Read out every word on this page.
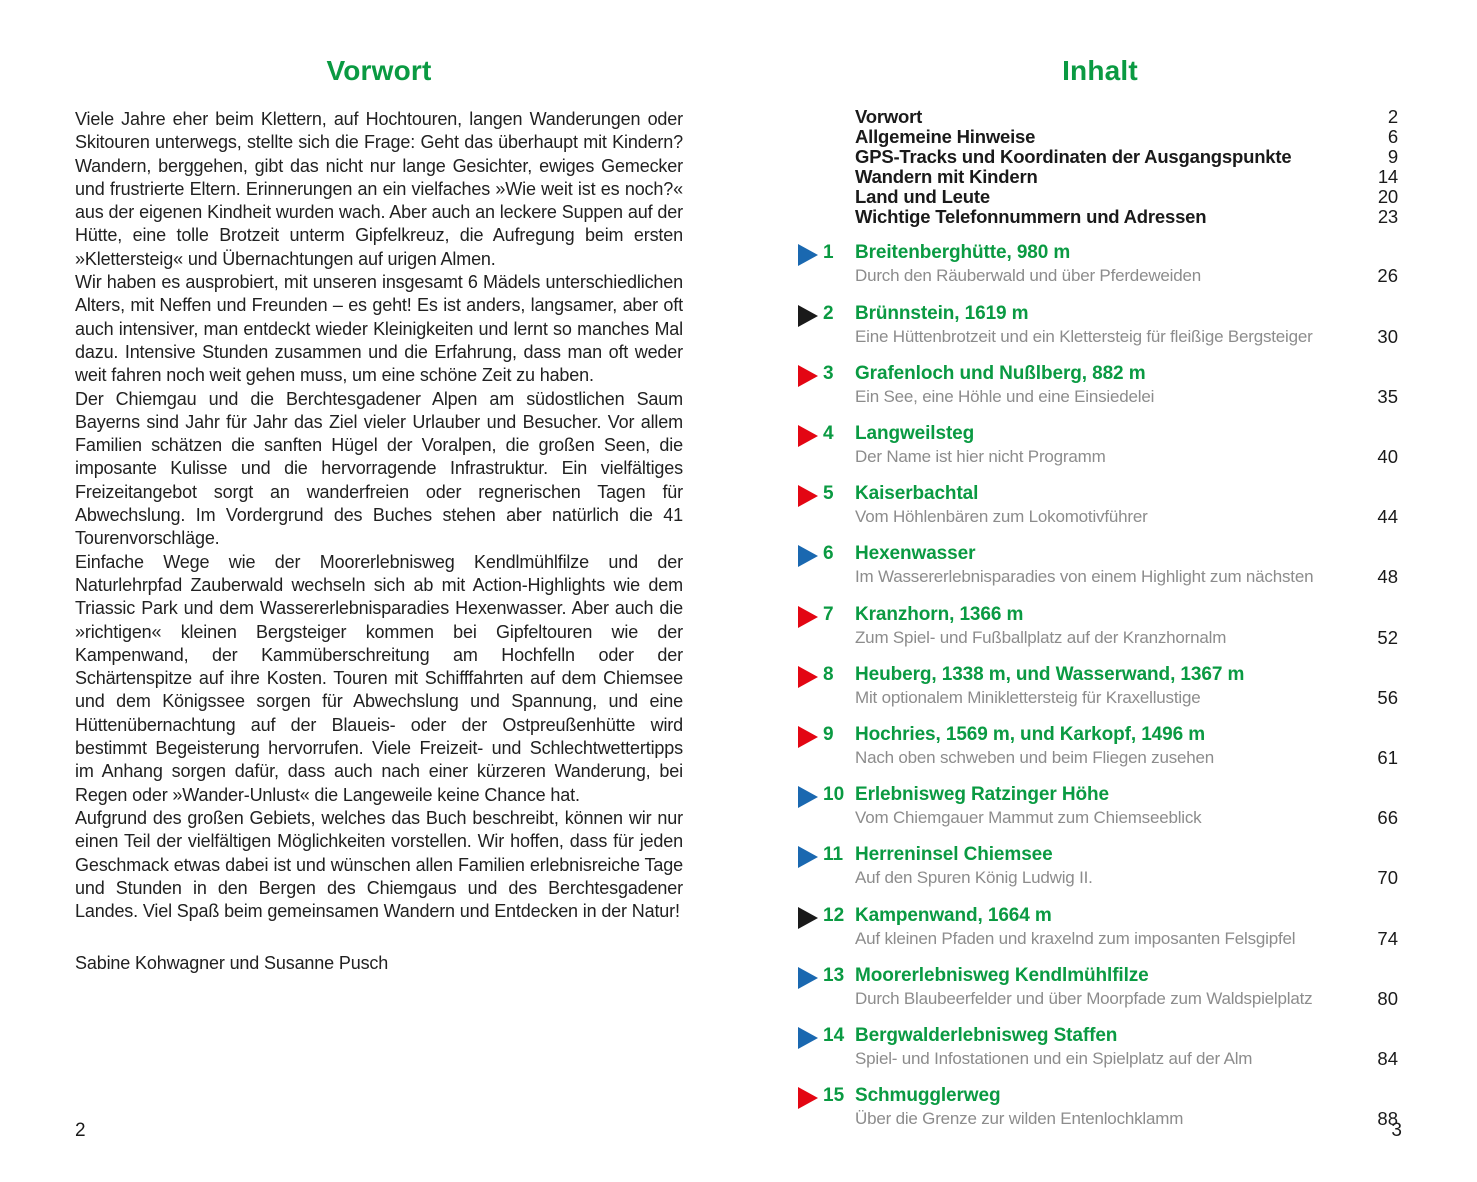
Vorwort

Viele Jahre eher beim Klettern, auf Hochtouren, langen Wanderungen oder Skitouren unterwegs, stellte sich die Frage: Geht das überhaupt mit Kindern? Wandern, berggehen, gibt das nicht nur lange Gesichter, ewiges Gemecker und frustrierte Eltern. Erinnerungen an ein vielfaches »Wie weit ist es noch?« aus der eigenen Kindheit wurden wach. Aber auch an leckere Suppen auf der Hütte, eine tolle Brotzeit unterm Gipfelkreuz, die Aufregung beim ersten »Klettersteig« und Übernachtungen auf urigen Almen.

Wir haben es ausprobiert, mit unseren insgesamt 6 Mädels unterschiedlichen Alters, mit Neffen und Freunden – es geht! Es ist anders, langsamer, aber oft auch intensiver, man entdeckt wieder Kleinigkeiten und lernt so manches Mal dazu. Intensive Stunden zusammen und die Erfahrung, dass man oft weder weit fahren noch weit gehen muss, um eine schöne Zeit zu haben.

Der Chiemgau und die Berchtesgadener Alpen am südostlichen Saum Bayerns sind Jahr für Jahr das Ziel vieler Urlauber und Besucher. Vor allem Familien schätzen die sanften Hügel der Voralpen, die großen Seen, die imposante Kulisse und die hervorragende Infrastruktur. Ein vielfältiges Freizeitangebot sorgt an wanderfreien oder regnerischen Tagen für Abwechslung. Im Vordergrund des Buches stehen aber natürlich die 41 Tourenvorschläge.

Einfache Wege wie der Moorerlebnisweg Kendlmühlfilze und der Naturlehrpfad Zauberwald wechseln sich ab mit Action-Highlights wie dem Triassic Park und dem Wassererlebnisparadies Hexenwasser. Aber auch die »richtigen« kleinen Bergsteiger kommen bei Gipfeltouren wie der Kampenwand, der Kammüberschreitung am Hochfelln oder der Schärtenspitze auf ihre Kosten. Touren mit Schifffahrten auf dem Chiemsee und dem Königssee sorgen für Abwechslung und Spannung, und eine Hüttenübernachtung auf der Blaueis- oder der Ostpreußenhütte wird bestimmt Begeisterung hervorrufen. Viele Freizeit- und Schlechtwettertipps im Anhang sorgen dafür, dass auch nach einer kürzeren Wanderung, bei Regen oder »Wander-Unlust« die Langeweile keine Chance hat.

Aufgrund des großen Gebiets, welches das Buch beschreibt, können wir nur einen Teil der vielfältigen Möglichkeiten vorstellen. Wir hoffen, dass für jeden Geschmack etwas dabei ist und wünschen allen Familien erlebnisreiche Tage und Stunden in den Bergen des Chiemgaus und des Berchtesgadener Landes. Viel Spaß beim gemeinsamen Wandern und Entdecken in der Natur!

Sabine Kohwagner und Susanne Pusch
2
Inhalt
Vorwort	2
Allgemeine Hinweise	6
GPS-Tracks und Koordinaten der Ausgangspunkte	9
Wandern mit Kindern	14
Land und Leute	20
Wichtige Telefonnummern und Adressen	23
1 Breitenberghütte, 980 m
Durch den Räuberwald und über Pferdeweiden	26
2 Brünnstein, 1619 m
Eine Hüttenbrotzeit und ein Klettersteig für fleißige Bergsteiger	30
3 Grafenloch und Nußlberg, 882 m
Ein See, eine Höhle und eine Einsiedelei	35
4 Langweilsteg
Der Name ist hier nicht Programm	40
5 Kaiserbachtal
Vom Höhlenbären zum Lokomotivführer	44
6 Hexenwasser
Im Wassererlebnisparadies von einem Highlight zum nächsten	48
7 Kranzhorn, 1366 m
Zum Spiel- und Fußballplatz auf der Kranzhornalm	52
8 Heuberg, 1338 m, und Wasserwand, 1367 m
Mit optionalem Miniklettersteig für Kraxellustige	56
9 Hochries, 1569 m, und Karkopf, 1496 m
Nach oben schweben und beim Fliegen zusehen	61
10 Erlebnisweg Ratzinger Höhe
Vom Chiemgauer Mammut zum Chiemseeblick	66
11 Herreninsel Chiemsee
Auf den Spuren König Ludwig II.	70
12 Kampenwand, 1664 m
Auf kleinen Pfaden und kraxelnd zum imposanten Felsgipfel	74
13 Moorerlebnisweg Kendlmühlfilze
Durch Blaubeerfelder und über Moorpfade zum Waldspielplatz	80
14 Bergwalderlebnisweg Staffen
Spiel- und Infostationen und ein Spielplatz auf der Alm	84
15 Schmugglerweg
Über die Grenze zur wilden Entenlochklamm	88
3
